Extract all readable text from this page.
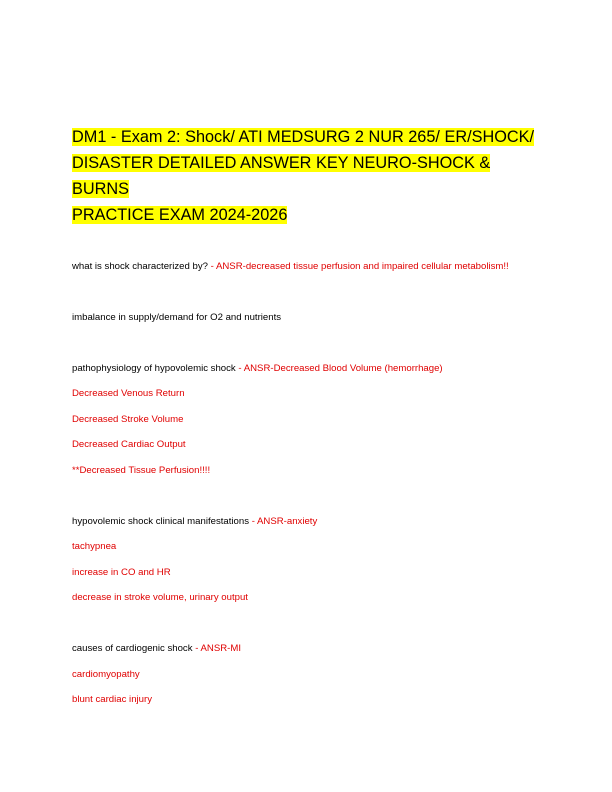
DM1 - Exam 2: Shock/ ATI MEDSURG 2 NUR 265/ ER/SHOCK/
DISASTER DETAILED ANSWER KEY NEURO-SHOCK & BURNS
PRACTICE EXAM 2024-2026

what is shock characterized by? - ANSR-decreased tissue perfusion and impaired cellular metabolism!!

imbalance in supply/demand for O2 and nutrients

pathophysiology of hypovolemic shock - ANSR-Decreased Blood Volume (hemorrhage)

Decreased Venous Return

Decreased Stroke Volume

Decreased Cardiac Output

**Decreased Tissue Perfusion!!!!

hypovolemic shock clinical manifestations - ANSR-anxiety

tachypnea

increase in CO and HR

decrease in stroke volume, urinary output

causes of cardiogenic shock - ANSR-MI

cardiomyopathy

blunt cardiac injury
